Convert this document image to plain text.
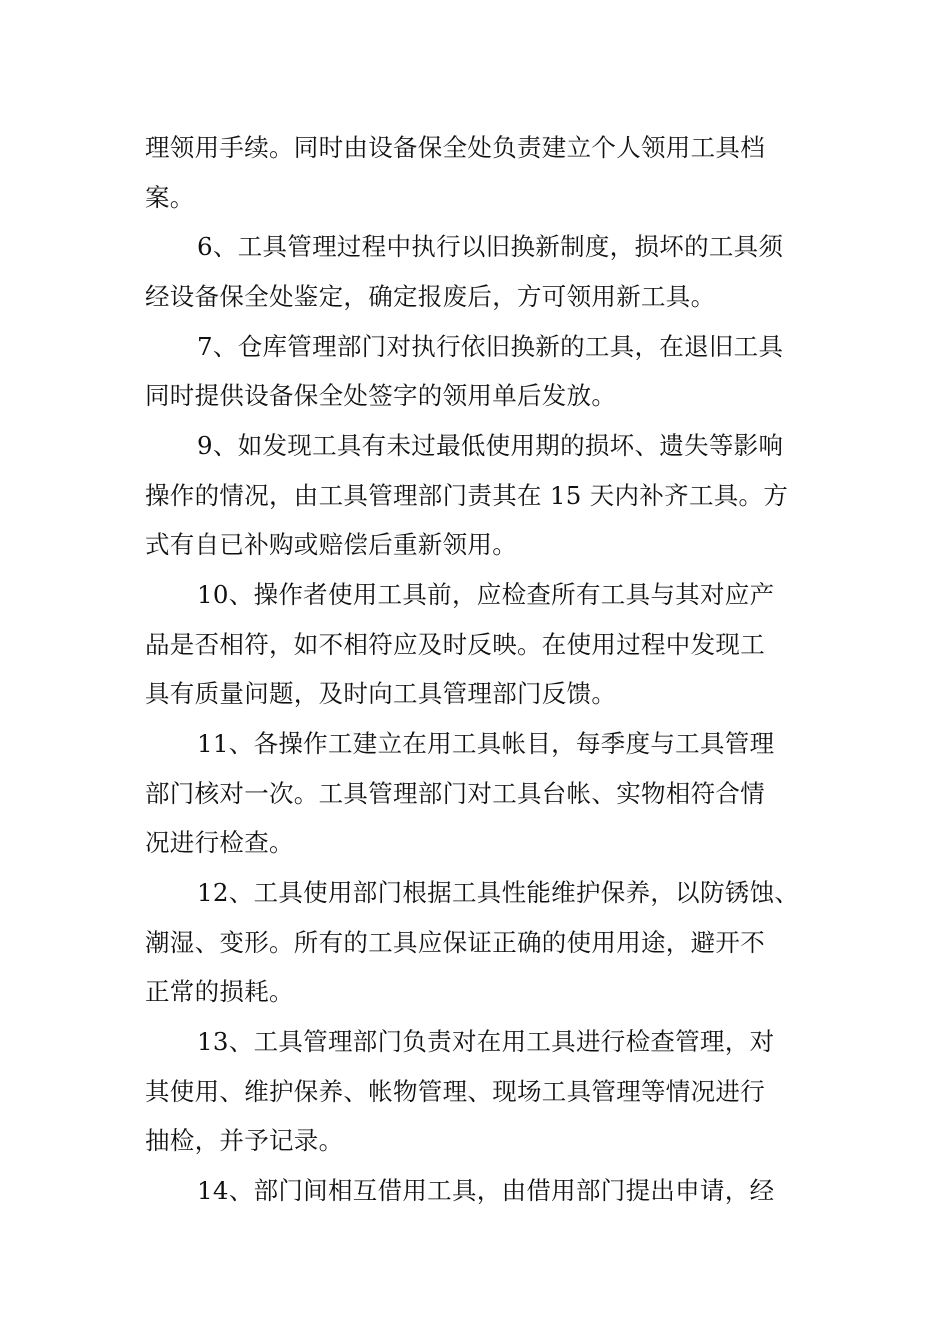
理领用手续。同时由设备保全处负责建立个人领用工具档
案。
6、工具管理过程中执行以旧换新制度，损坏的工具须
经设备保全处鉴定，确定报废后，方可领用新工具。
7、仓库管理部门对执行依旧换新的工具，在退旧工具
同时提供设备保全处签字的领用单后发放。
9、如发现工具有未过最低使用期的损坏、遗失等影响
操作的情况，由工具管理部门责其在 15 天内补齐工具。方
式有自已补购或赔偿后重新领用。
10、操作者使用工具前，应检查所有工具与其对应产
品是否相符，如不相符应及时反映。在使用过程中发现工
具有质量问题，及时向工具管理部门反馈。
11、各操作工建立在用工具帐目，每季度与工具管理
部门核对一次。工具管理部门对工具台帐、实物相符合情
况进行检查。
12、工具使用部门根据工具性能维护保养，以防锈蚀、
潮湿、变形。所有的工具应保证正确的使用用途，避开不
正常的损耗。
13、工具管理部门负责对在用工具进行检查管理，对
其使用、维护保养、帐物管理、现场工具管理等情况进行
抽检，并予记录。
14、部门间相互借用工具，由借用部门提出申请，经
